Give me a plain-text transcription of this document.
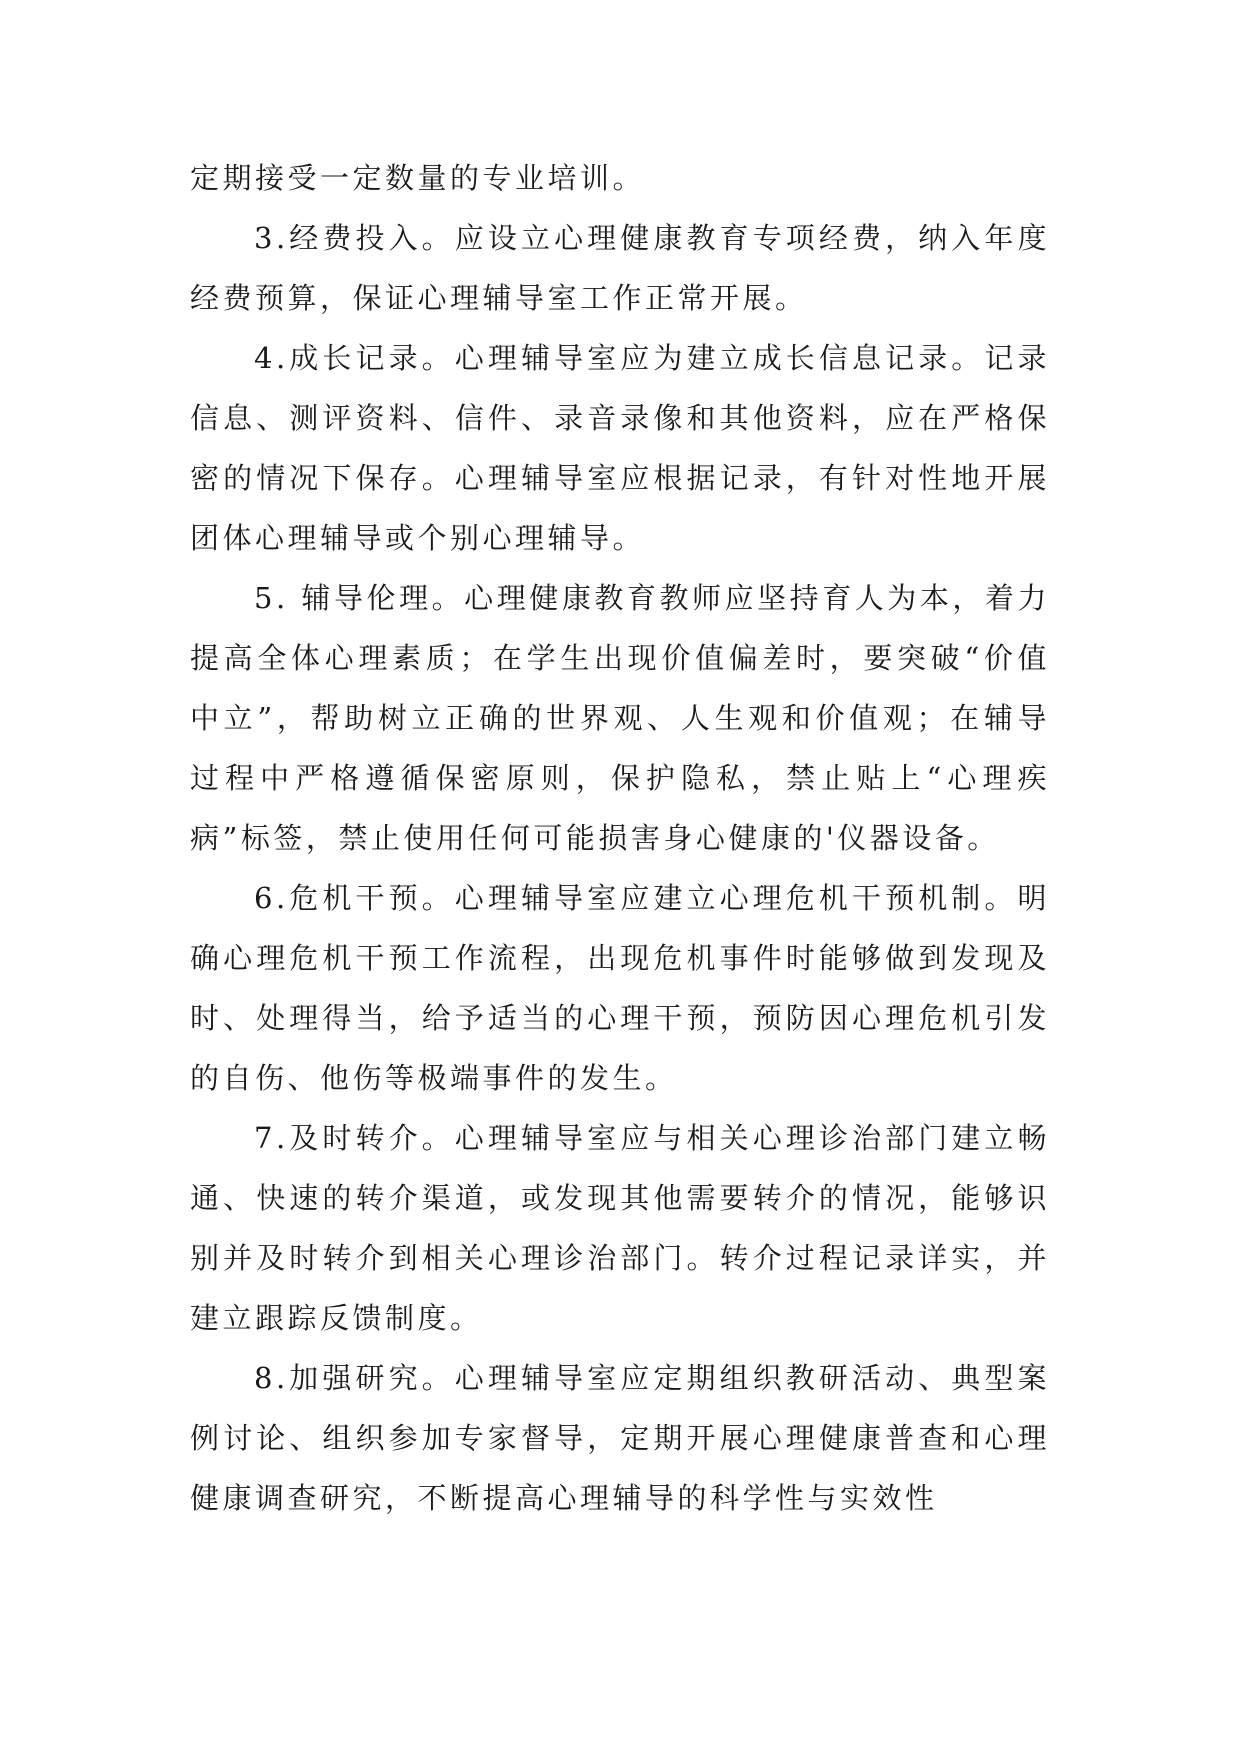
定期接受一定数量的专业培训。

3.经费投入。应设立心理健康教育专项经费，纳入年度经费预算，保证心理辅导室工作正常开展。

4.成长记录。心理辅导室应为建立成长信息记录。记录信息、测评资料、信件、录音录像和其他资料，应在严格保密的情况下保存。心理辅导室应根据记录，有针对性地开展团体心理辅导或个别心理辅导。

5. 辅导伦理。心理健康教育教师应坚持育人为本，着力提高全体心理素质；在学生出现价值偏差时，要突破“价值中立”，帮助树立正确的世界观、人生观和价值观；在辅导过程中严格遵循保密原则，保护隐私，禁止贴上“心理疾病”标签，禁止使用任何可能损害身心健康的'仪器设备。

6.危机干预。心理辅导室应建立心理危机干预机制。明确心理危机干预工作流程，出现危机事件时能够做到发现及时、处理得当，给予适当的心理干预，预防因心理危机引发的自伤、他伤等极端事件的发生。

7.及时转介。心理辅导室应与相关心理诊治部门建立畅通、快速的转介渠道，或发现其他需要转介的情况，能够识别并及时转介到相关心理诊治部门。转介过程记录详实，并建立跟踪反馈制度。

8.加强研究。心理辅导室应定期组织教研活动、典型案例讨论、组织参加专家督导，定期开展心理健康普查和心理健康调查研究，不断提高心理辅导的科学性与实效性
